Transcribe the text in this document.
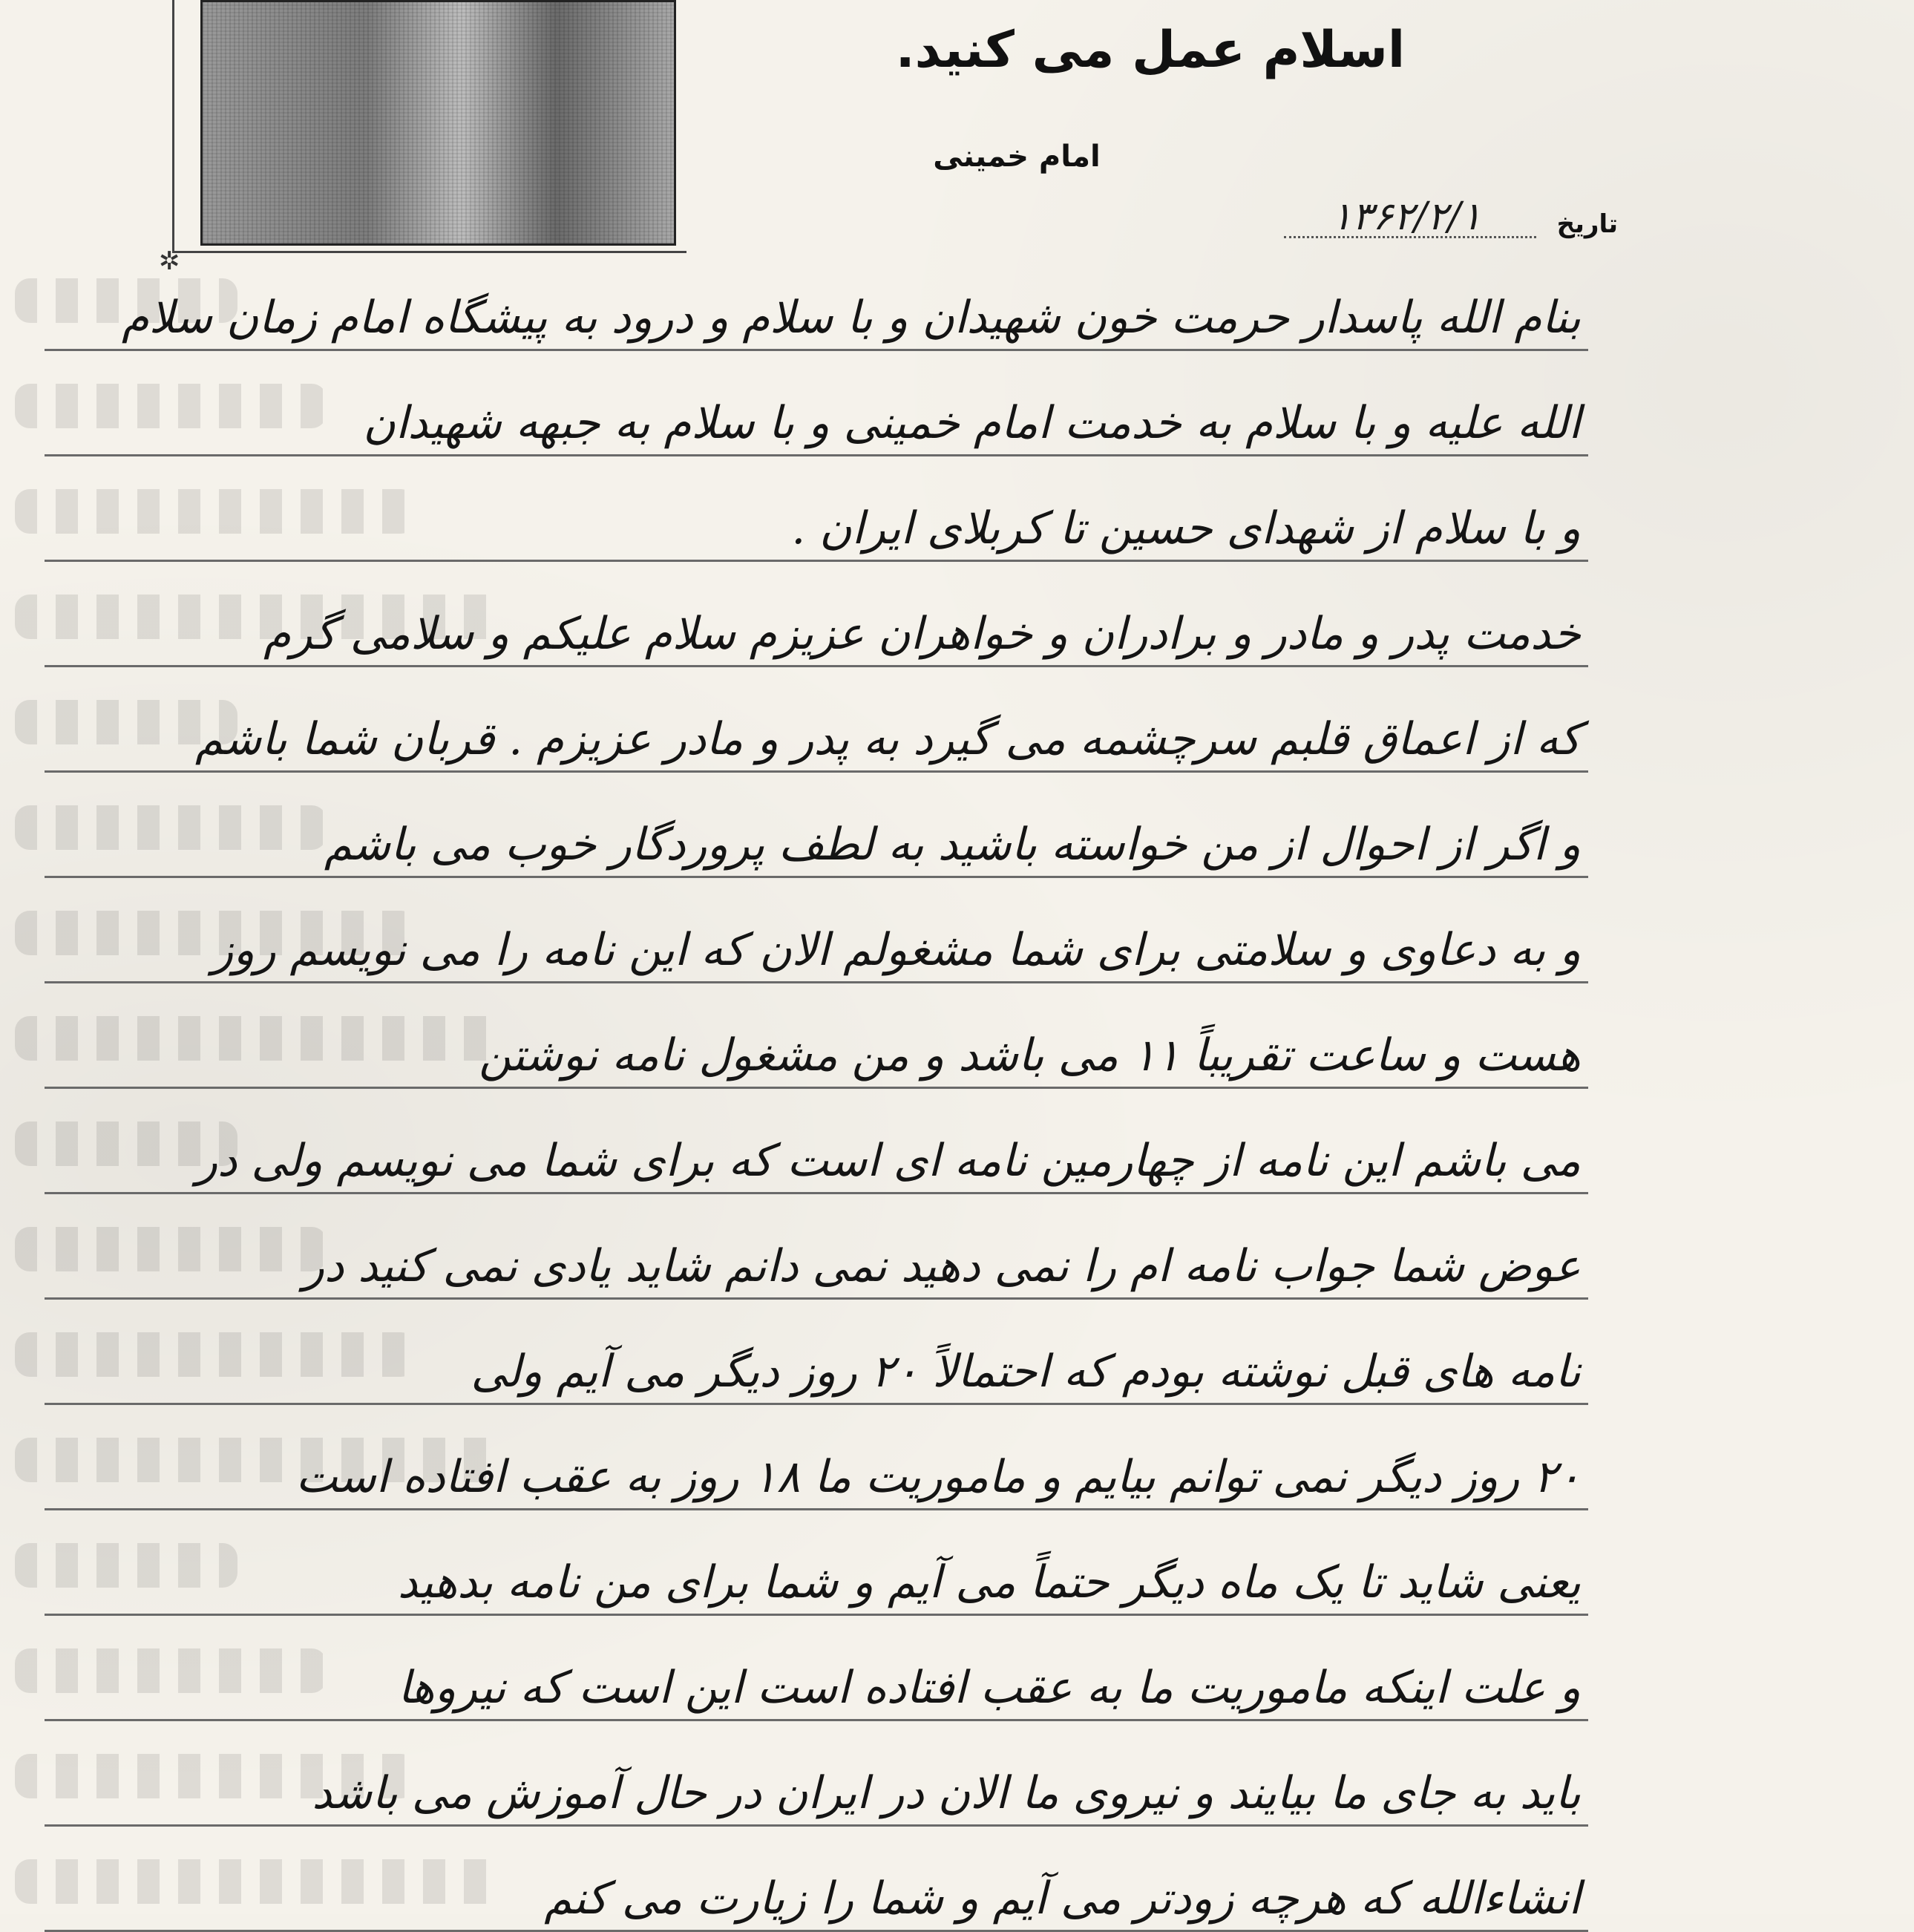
✲
اسلام عمل می کنید.
امام خمینی
تاریخ
۱۳۶۲/۲/۱
بنام الله پاسدار حرمت خون شهیدان و با سلام و درود به پیشگاه امام زمان سلام
الله علیه و با سلام به خدمت امام خمینی و با سلام به جبهه شهیدان
و با سلام از شهدای حسین تا کربلای ایران .
خدمت پدر و مادر و برادران و خواهران عزیزم سلام علیکم و سلامی گرم
که از اعماق قلبم سرچشمه می گیرد به پدر و مادر عزیزم . قربان شما باشم
و اگر از احوال از من خواسته باشید به لطف پروردگار خوب می باشم
و به دعاوی و سلامتی برای شما مشغولم الان که این نامه را می نویسم روز
هست و ساعت تقریباً ۱۱ می باشد و من مشغول نامه نوشتن
می باشم این نامه از چهارمین نامه ای است که برای شما می نویسم ولی در
عوض شما جواب نامه ام را نمی دهید نمی دانم شاید یادی نمی کنید در
نامه های قبل نوشته بودم که احتمالاً ۲۰ روز دیگر می آیم ولی
۲۰ روز دیگر نمی توانم بیایم و ماموریت ما ۱۸ روز به عقب افتاده است
یعنی شاید تا یک ماه دیگر حتماً می آیم و شما برای من نامه بدهید
و علت اینکه ماموریت ما به عقب افتاده است این است که نیروها
باید به جای ما بیایند و نیروی ما الان در ایران در حال آموزش می باشد
انشاءالله که هرچه زودتر می آیم و شما را زیارت می کنم
